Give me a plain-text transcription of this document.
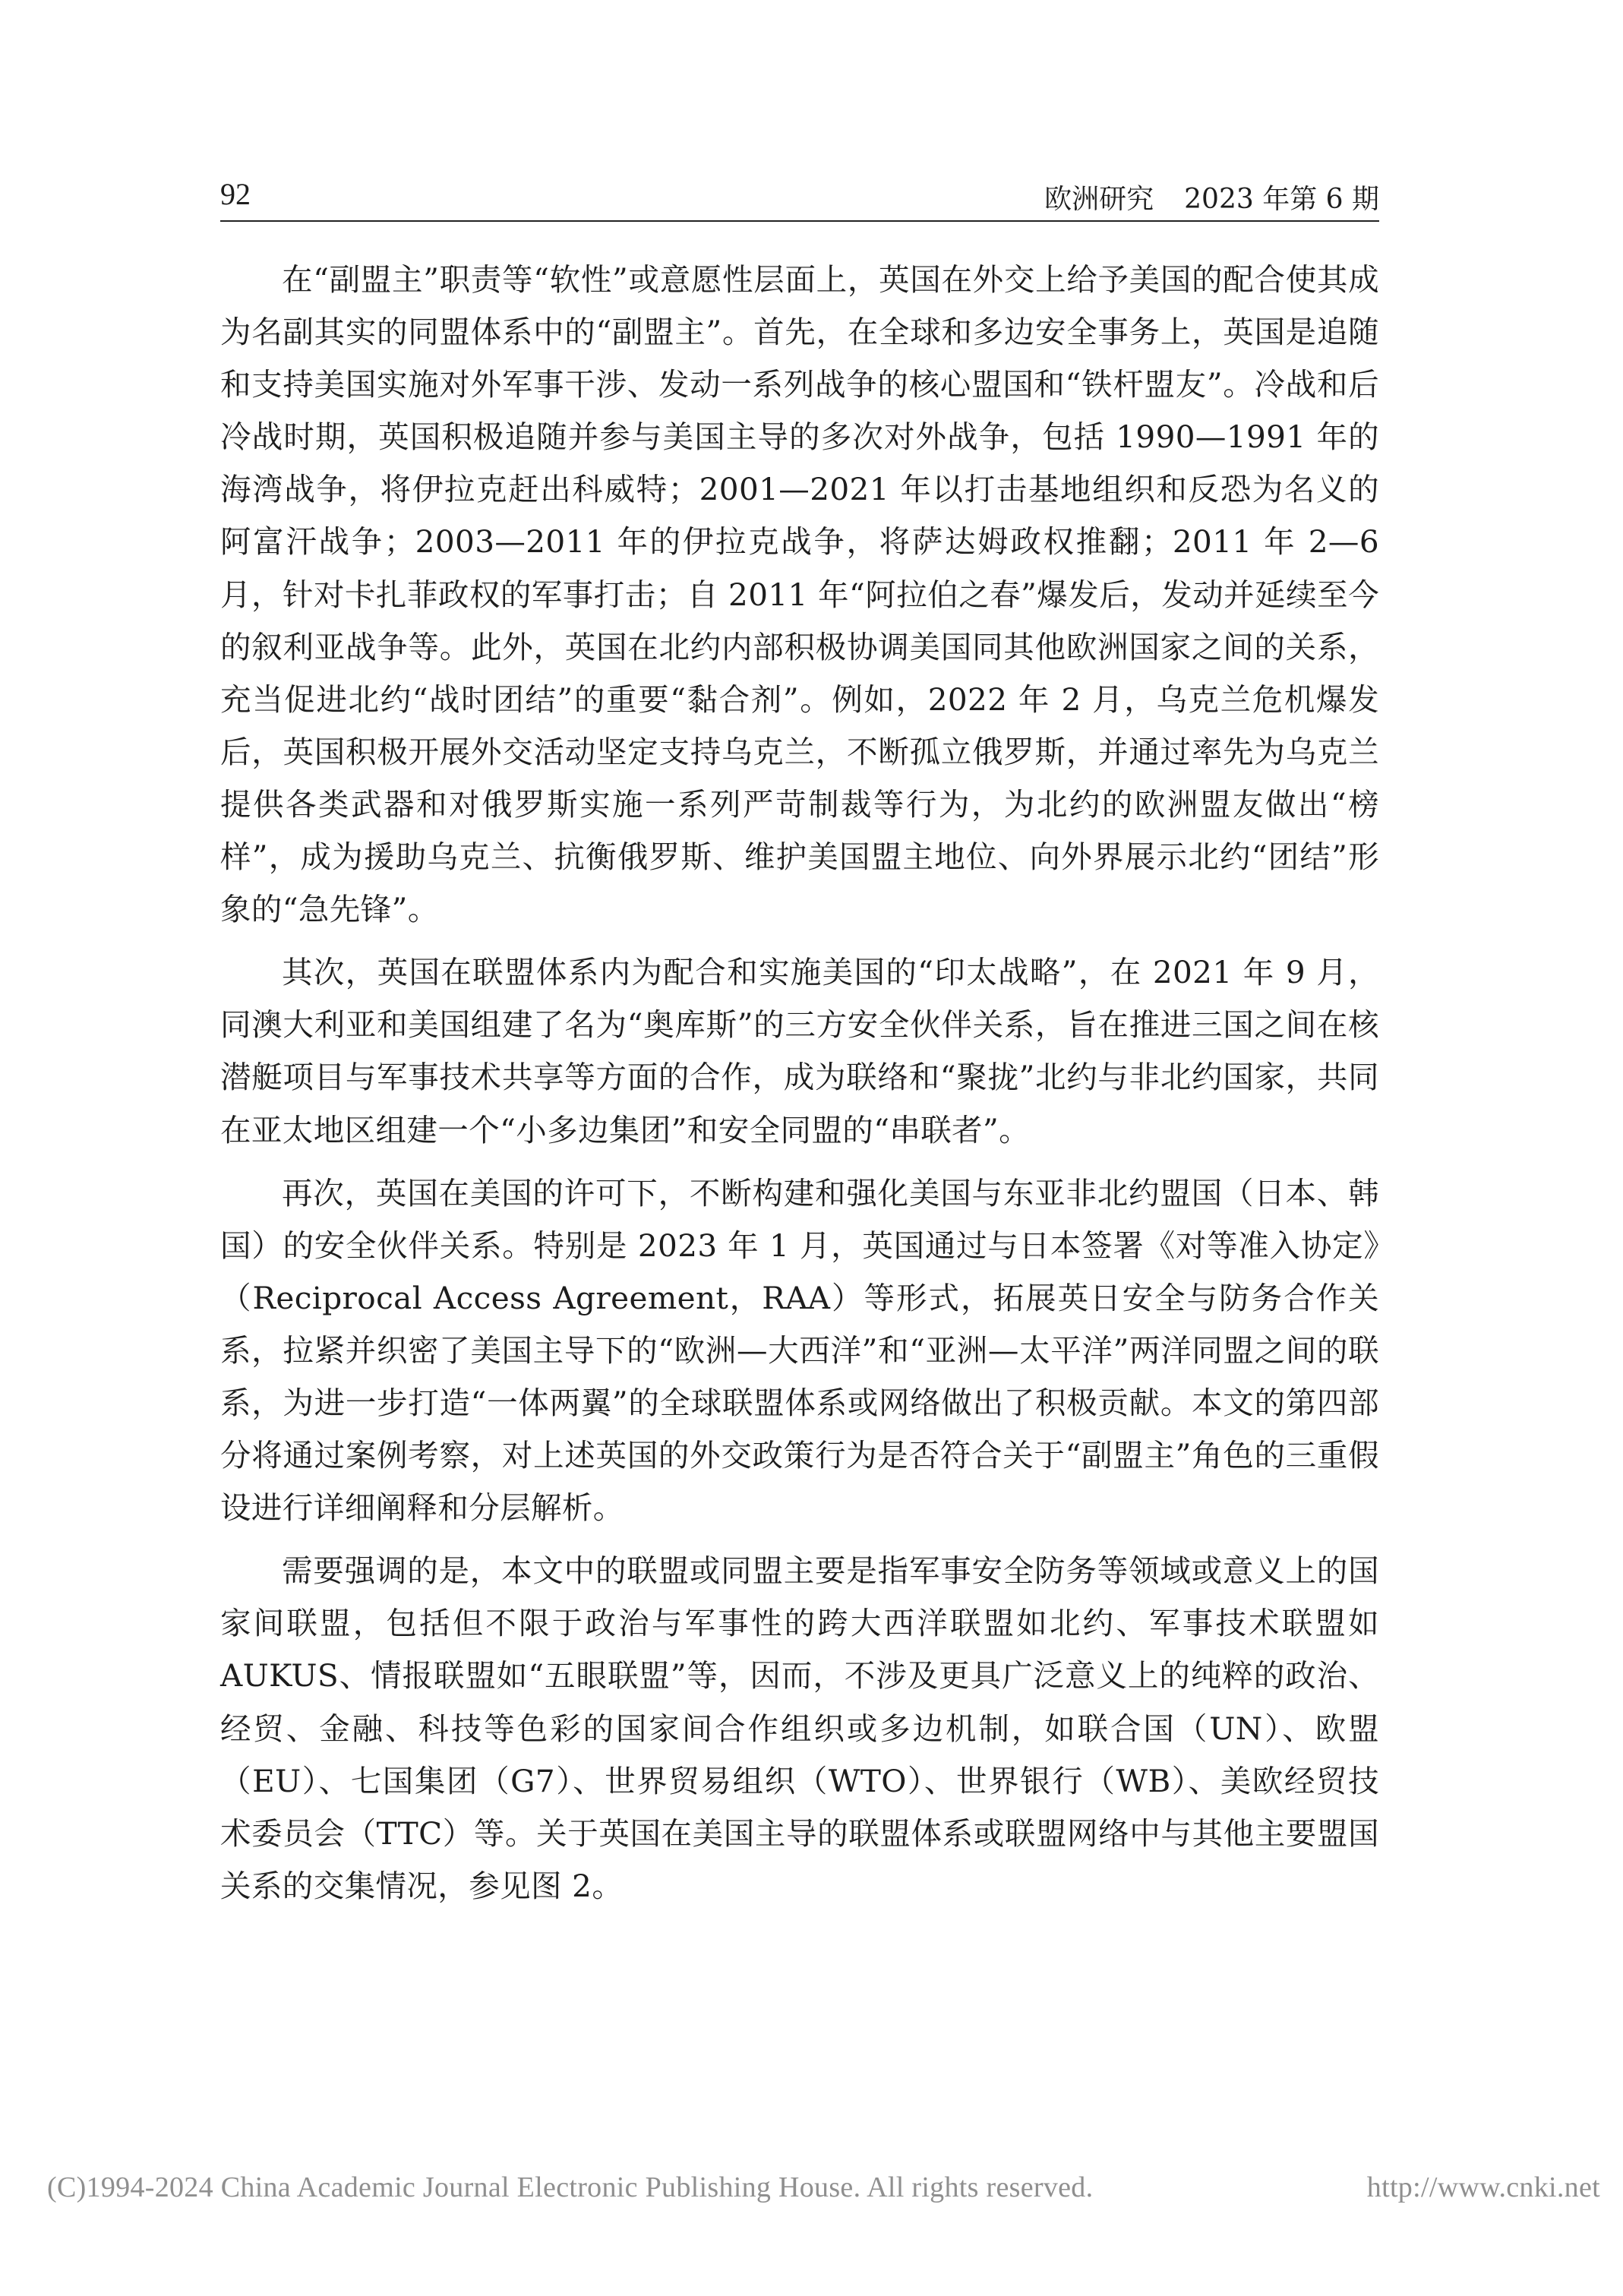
92	欧洲研究 2023 年第 6 期

在“副盟主”职责等“软性”或意愿性层面上，英国在外交上给予美国的配合使其成为名副其实的同盟体系中的“副盟主”。首先，在全球和多边安全事务上，英国是追随和支持美国实施对外军事干涉、发动一系列战争的核心盟国和“铁杆盟友”。冷战和后冷战时期，英国积极追随并参与美国主导的多次对外战争，包括 1990—1991 年的海湾战争，将伊拉克赶出科威特；2001—2021 年以打击基地组织和反恐为名义的阿富汗战争；2003—2011 年的伊拉克战争，将萨达姆政权推翻；2011 年 2—6 月，针对卡扎菲政权的军事打击；自 2011 年“阿拉伯之春”爆发后，发动并延续至今的叙利亚战争等。此外，英国在北约内部积极协调美国同其他欧洲国家之间的关系，充当促进北约“战时团结”的重要“黏合剂”。例如，2022 年 2 月，乌克兰危机爆发后，英国积极开展外交活动坚定支持乌克兰，不断孤立俄罗斯，并通过率先为乌克兰提供各类武器和对俄罗斯实施一系列严苛制裁等行为，为北约的欧洲盟友做出“榜样”，成为援助乌克兰、抗衡俄罗斯、维护美国盟主地位、向外界展示北约“团结”形象的“急先锋”。

其次，英国在联盟体系内为配合和实施美国的“印太战略”，在 2021 年 9 月，同澳大利亚和美国组建了名为“奥库斯”的三方安全伙伴关系，旨在推进三国之间在核潜艇项目与军事技术共享等方面的合作，成为联络和“聚拢”北约与非北约国家，共同在亚太地区组建一个“小多边集团”和安全同盟的“串联者”。

再次，英国在美国的许可下，不断构建和强化美国与东亚非北约盟国（日本、韩国）的安全伙伴关系。特别是 2023 年 1 月，英国通过与日本签署《对等准入协定》（Reciprocal Access Agreement，RAA）等形式，拓展英日安全与防务合作关系，拉紧并织密了美国主导下的“欧洲—大西洋”和“亚洲—太平洋”两洋同盟之间的联系，为进一步打造“一体两翼”的全球联盟体系或网络做出了积极贡献。本文的第四部分将通过案例考察，对上述英国的外交政策行为是否符合关于“副盟主”角色的三重假设进行详细阐释和分层解析。

需要强调的是，本文中的联盟或同盟主要是指军事安全防务等领域或意义上的国家间联盟，包括但不限于政治与军事性的跨大西洋联盟如北约、军事技术联盟如 AUKUS、情报联盟如“五眼联盟”等，因而，不涉及更具广泛意义上的纯粹的政治、经贸、金融、科技等色彩的国家间合作组织或多边机制，如联合国（UN）、欧盟（EU）、七国集团（G7）、世界贸易组织（WTO）、世界银行（WB）、美欧经贸技术委员会（TTC）等。关于英国在美国主导的联盟体系或联盟网络中与其他主要盟国关系的交集情况，参见图 2。

(C)1994-2024 China Academic Journal Electronic Publishing House. All rights reserved.	http://www.cnki.net
